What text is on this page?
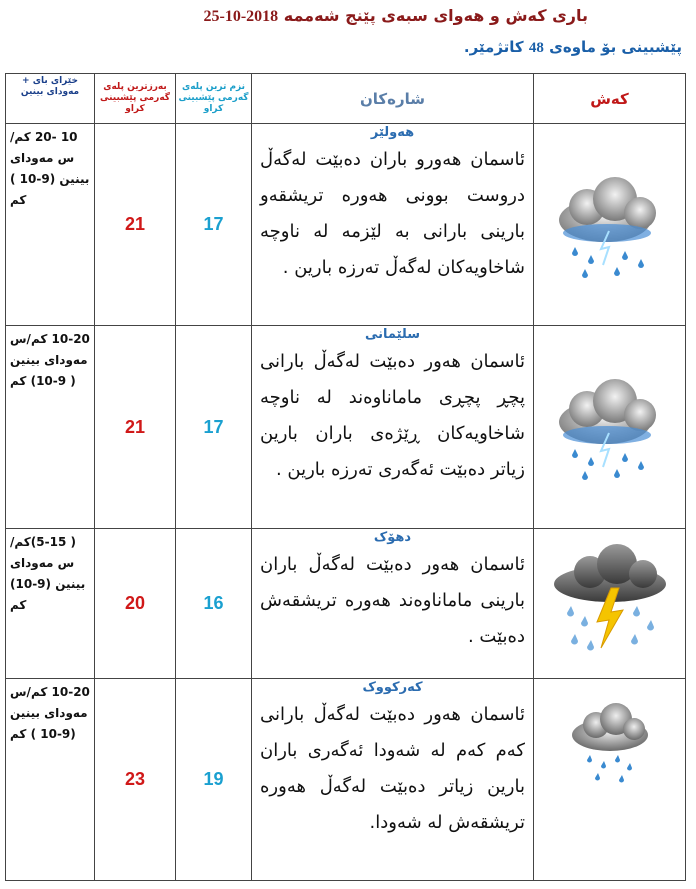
باری کەش و هەوای سبەی پێنج شەممە 2018-10-25
پێشبینی بۆ ماوەی 48 کاتژمێر.
خێرای بای + مەودای بینین	بەرزترین پلەی گەرمی پێشبینی کراو	نزم ترین پلەی گەرمی پێشبینی کراو	شارەکان	کەش
10 -20 کم/س مەودای بینین (9-10 ) کم	21	17	هەولێر
ئاسمان هەورو باران دەبێت لەگەڵ دروست بوونی هەورە تریشقەو بارینی بارانی بە لێزمە لە ناوچە شاخاویەکان لەگەڵ تەرزە بارین .

10-20 کم/س مەودای بینین ( 9-10) کم	21	17	سلێمانی
ئاسمان هەور دەبێت لەگەڵ بارانی پچڕ پچڕی ماماناوەند لە ناوچە شاخاویەکان ڕێژەی باران بارین زیاتر دەبێت ئەگەری تەرزە بارین .

( 5-15)کم/س مەودای بینین (9-10) کم	20	16	دهۆک
ئاسمان هەور دەبێت لەگەڵ باران بارینی ماماناوەند هەورە تریشقەش دەبێت .

10-20 کم/س مەودای بینین (9-10 ) کم	23	19	کەرکووک
ئاسمان هەور دەبێت لەگەڵ بارانی کەم کەم لە شەودا ئەگەری باران بارین زیاتر دەبێت لەگەڵ هەورە تریشقەش لە شەودا.
